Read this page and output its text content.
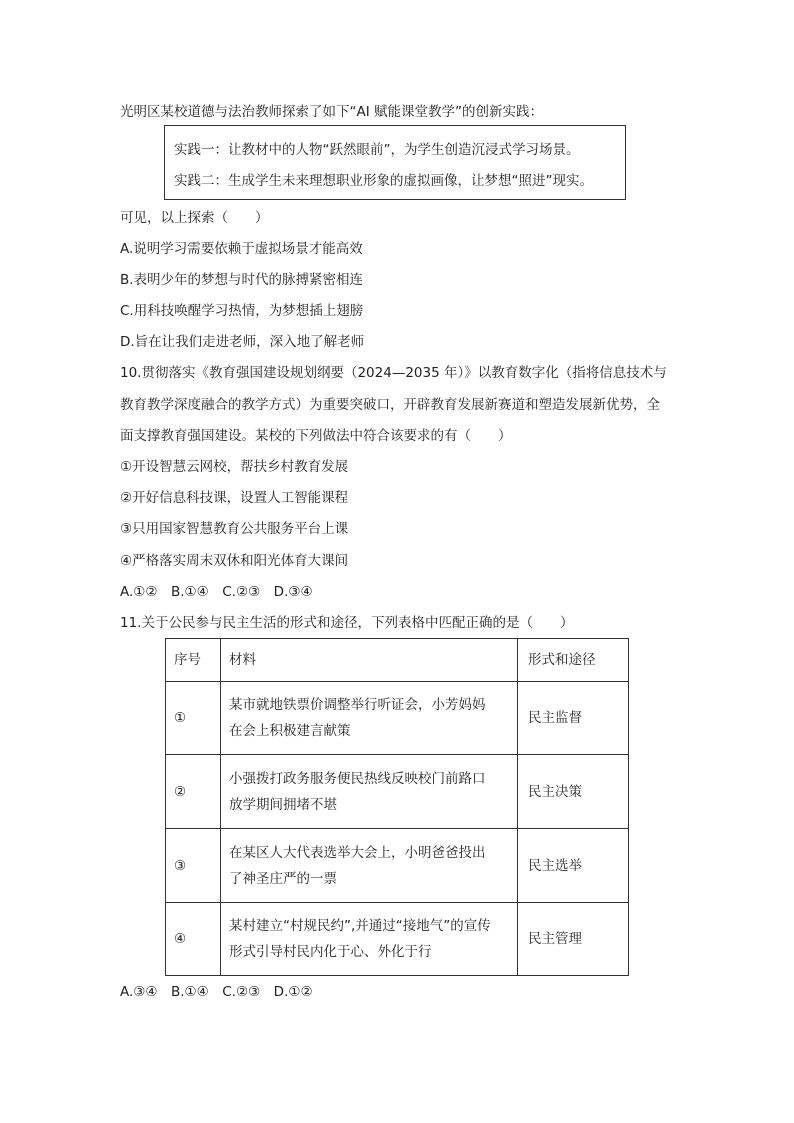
光明区某校道德与法治教师探索了如下“AI 赋能课堂教学”的创新实践：
实践一：让教材中的人物“跃然眼前”，为学生创造沉浸式学习场景。
实践二：生成学生未来理想职业形象的虚拟画像，让梦想“照进”现实。
可见，以上探索（　　）
A.说明学习需要依赖于虚拟场景才能高效
B.表明少年的梦想与时代的脉搏紧密相连
C.用科技唤醒学习热情，为梦想插上翅膀
D.旨在让我们走进老师，深入地了解老师
10.贯彻落实《教育强国建设规划纲要（2024—2035 年）》以教育数字化（指将信息技术与
教育教学深度融合的教学方式）为重要突破口，开辟教育发展新赛道和塑造发展新优势，全
面支撑教育强国建设。某校的下列做法中符合该要求的有（　　）
①开设智慧云网校，帮扶乡村教育发展
②开好信息科技课，设置人工智能课程
③只用国家智慧教育公共服务平台上课
④严格落实周末双休和阳光体育大课间
A.①②　B.①④　C.②③　D.③④
11.关于公民参与民主生活的形式和途径，下列表格中匹配正确的是（　　）
序号	材料	形式和途径
①	某市就地铁票价调整举行听证会，小芳妈妈
在会上积极建言献策	民主监督
②	小强拨打政务服务便民热线反映校门前路口
放学期间拥堵不堪	民主决策
③	在某区人大代表选举大会上，小明爸爸投出
了神圣庄严的一票	民主选举
④	某村建立“村规民约”,并通过“接地气”的宣传
形式引导村民内化于心、外化于行	民主管理
A.③④　B.①④　C.②③　D.①②
